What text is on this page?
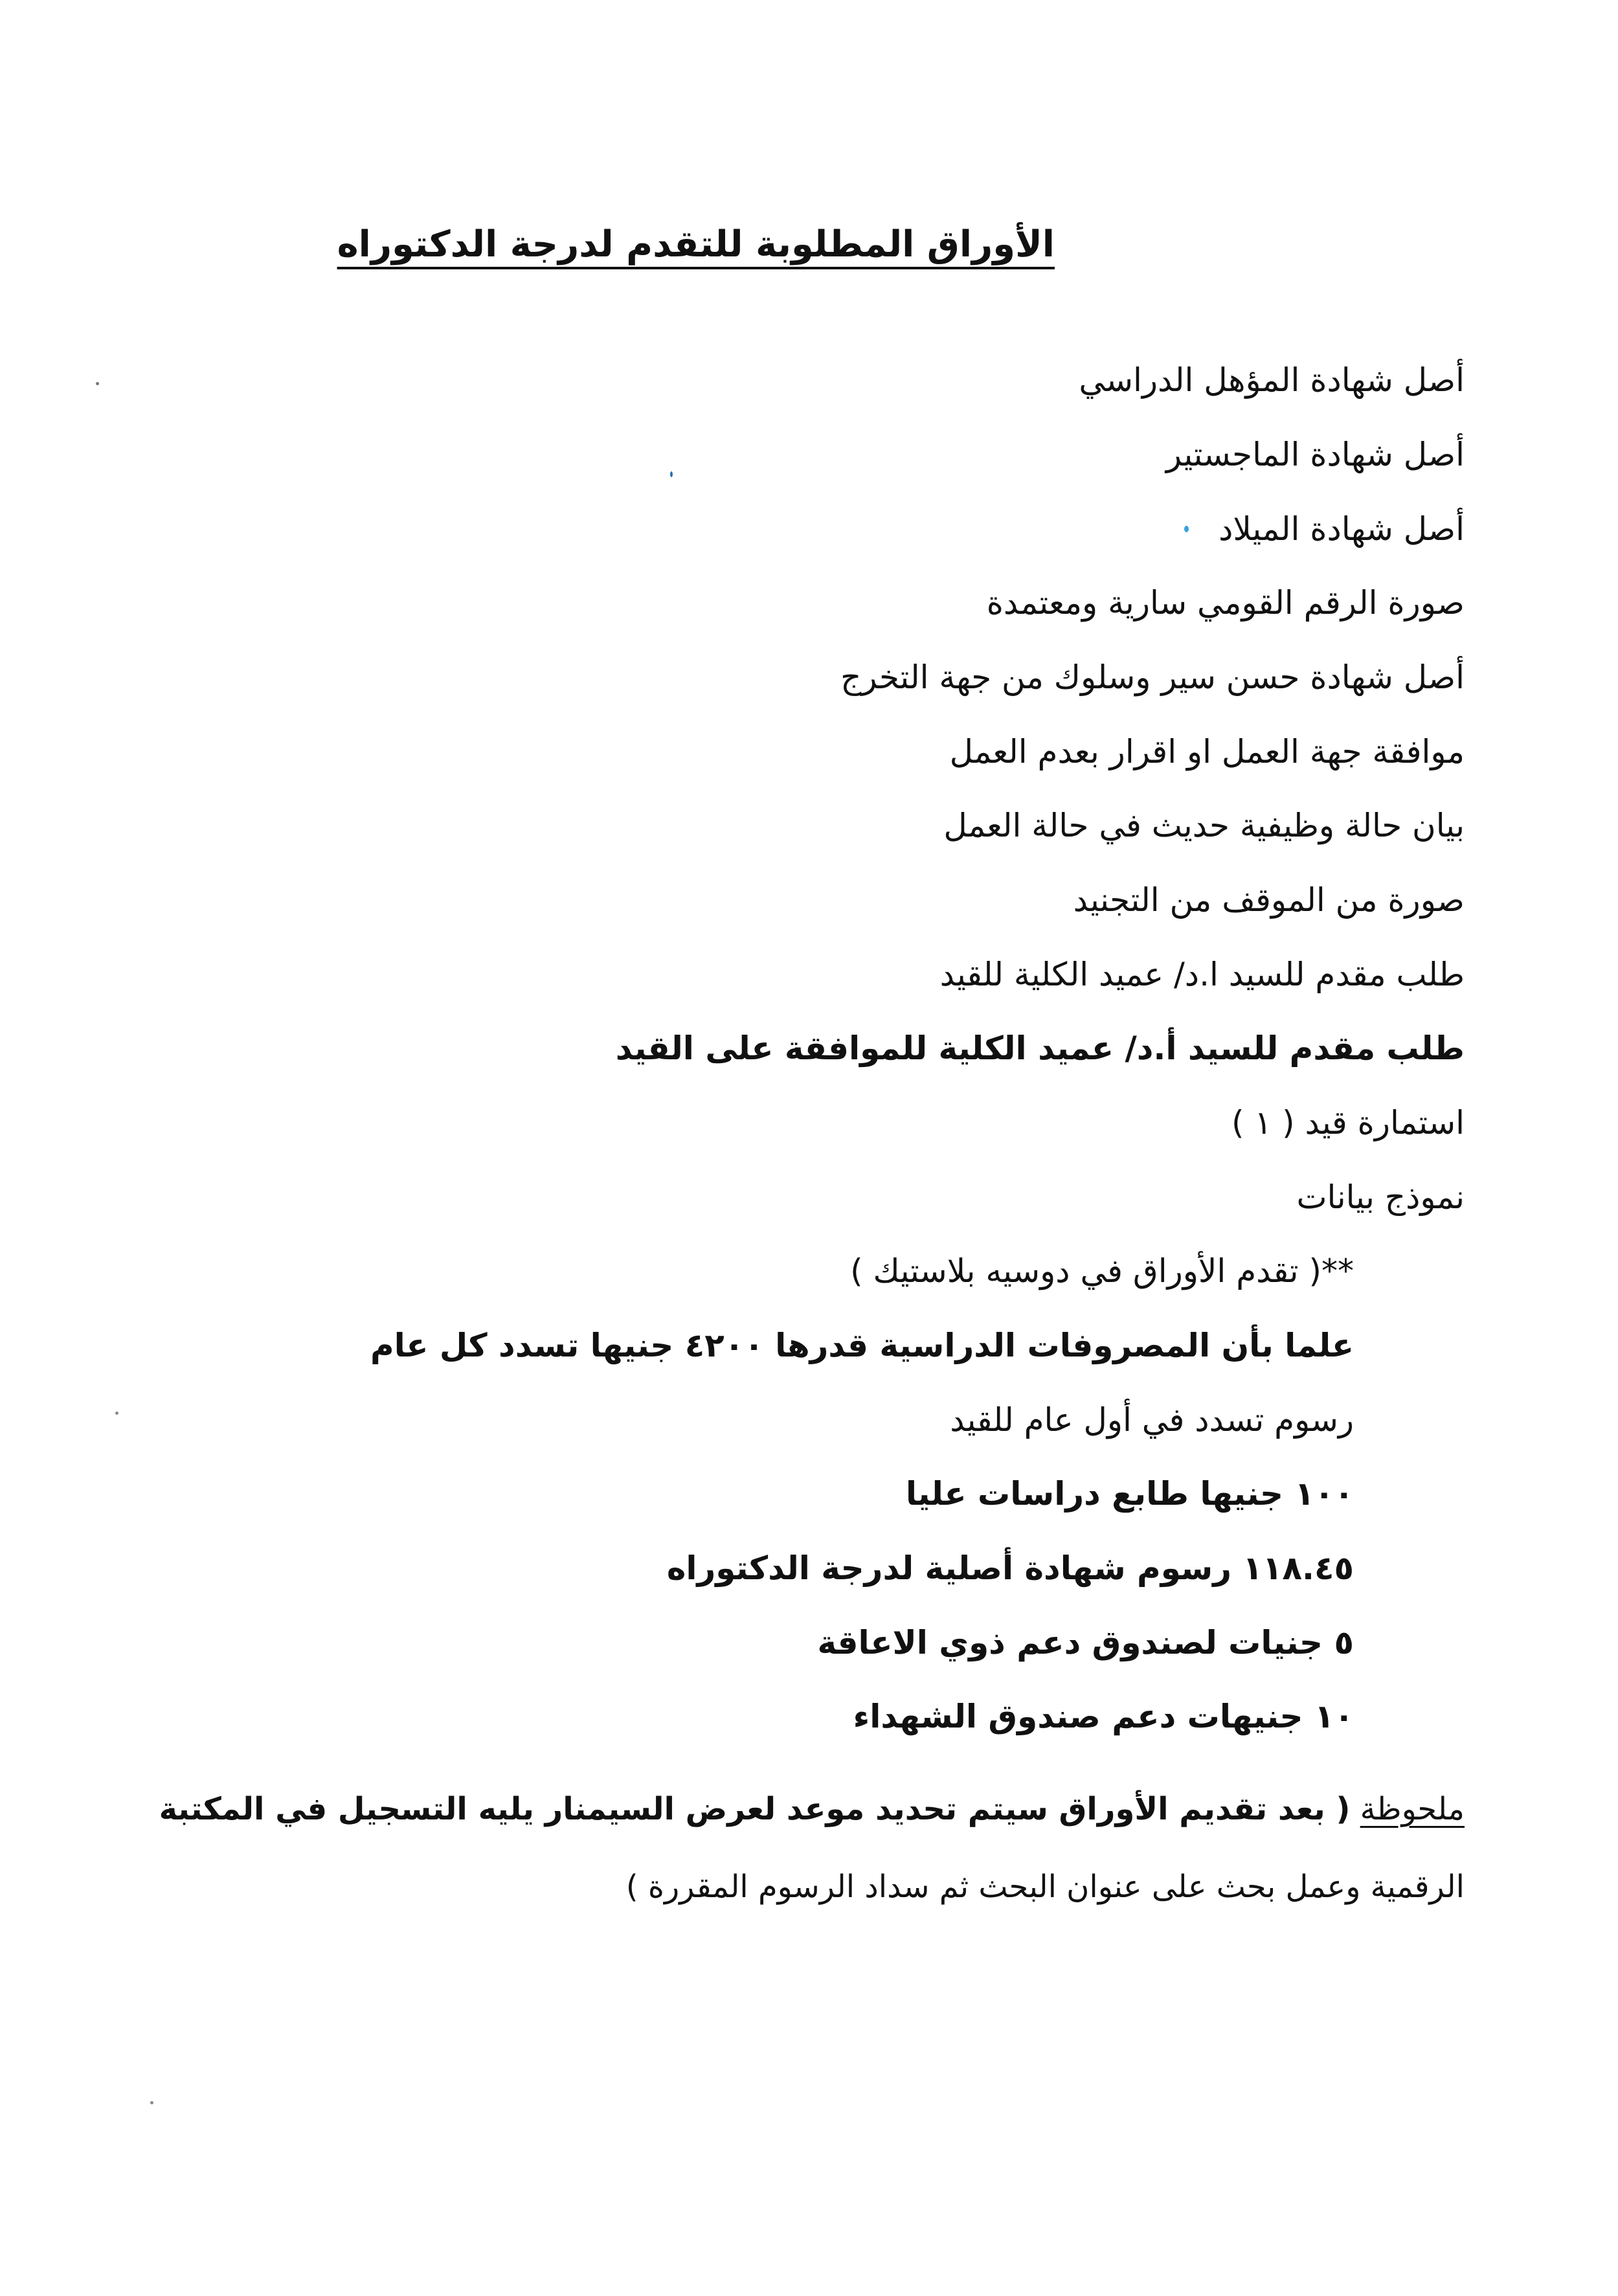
الأوراق المطلوبة للتقدم لدرجة الدكتوراه
أصل شهادة المؤهل الدراسي
أصل شهادة الماجستير
أصل شهادة الميلاد
صورة الرقم القومي سارية ومعتمدة
أصل شهادة حسن سير وسلوك من جهة التخرج
موافقة جهة العمل او اقرار بعدم العمل
بيان حالة وظيفية حديث في حالة العمل
صورة من الموقف من التجنيد
طلب مقدم للسيد ا.د/ عميد الكلية للقيد
طلب مقدم للسيد أ.د/ عميد الكلية للموافقة على القيد
استمارة قيد ( ١ )
نموذج بيانات
**( تقدم الأوراق في دوسيه بلاستيك )
علما بأن المصروفات الدراسية قدرها ٤٢٠٠ جنيها تسدد كل عام
رسوم تسدد في أول عام للقيد
١٠٠ جنيها طابع دراسات عليا
١١٨.٤٥ رسوم شهادة أصلية لدرجة الدكتوراه
٥ جنيات لصندوق دعم ذوي الاعاقة
١٠ جنيهات دعم صندوق الشهداء
ملحوظة ( بعد تقديم الأوراق سيتم تحديد موعد لعرض السيمنار يليه التسجيل في المكتبة
الرقمية وعمل بحث على عنوان البحث ثم سداد الرسوم المقررة )
